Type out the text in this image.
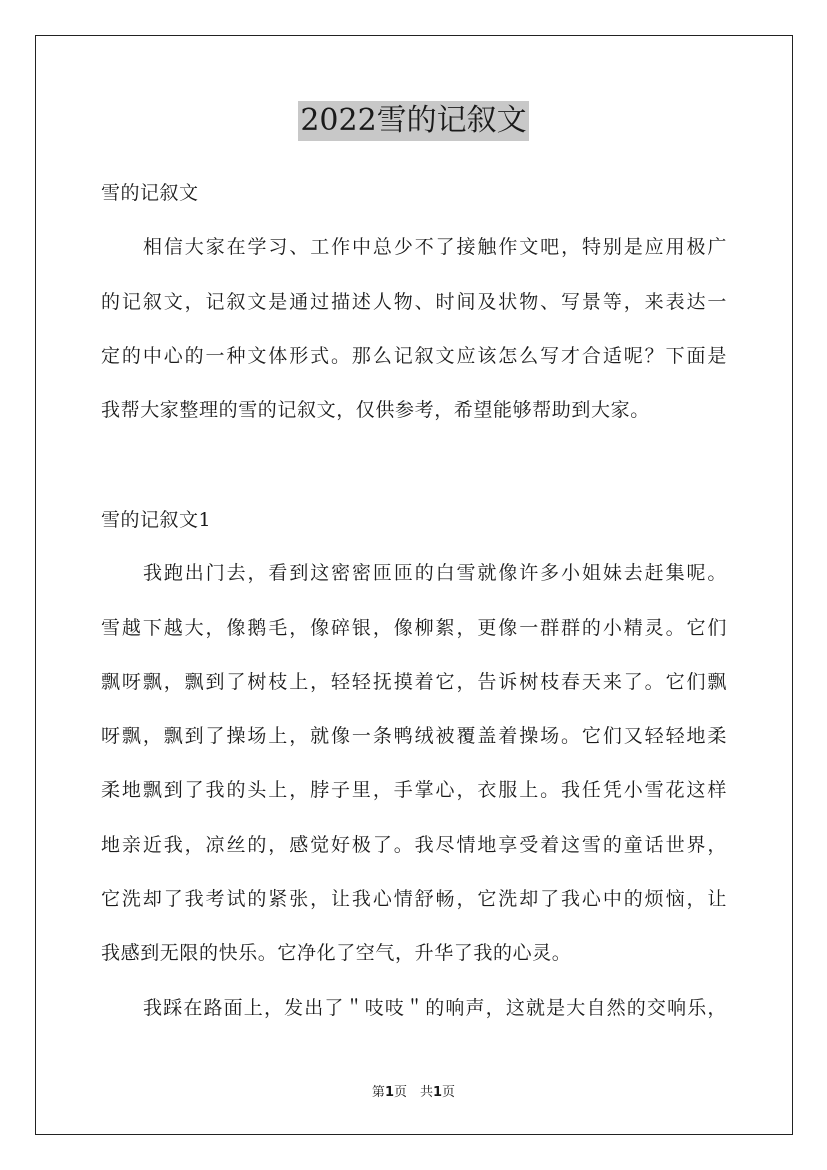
2022雪的记叙文
雪的记叙文
相信大家在学习、工作中总少不了接触作文吧，特别是应用极广
的记叙文，记叙文是通过描述人物、时间及状物、写景等，来表达一
定的中心的一种文体形式。那么记叙文应该怎么写才合适呢？下面是
我帮大家整理的雪的记叙文，仅供参考，希望能够帮助到大家。
雪的记叙文1
我跑出门去，看到这密密匝匝的白雪就像许多小姐妹去赶集呢。
雪越下越大，像鹅毛，像碎银，像柳絮，更像一群群的小精灵。它们
飘呀飘，飘到了树枝上，轻轻抚摸着它，告诉树枝春天来了。它们飘
呀飘，飘到了操场上，就像一条鸭绒被覆盖着操场。它们又轻轻地柔
柔地飘到了我的头上，脖子里，手掌心，衣服上。我任凭小雪花这样
地亲近我，凉丝的，感觉好极了。我尽情地享受着这雪的童话世界，
它洗却了我考试的紧张，让我心情舒畅，它洗却了我心中的烦恼，让
我感到无限的快乐。它净化了空气，升华了我的心灵。
我踩在路面上，发出了＂吱吱＂的响声，这就是大自然的交响乐，
第1页　共1页
